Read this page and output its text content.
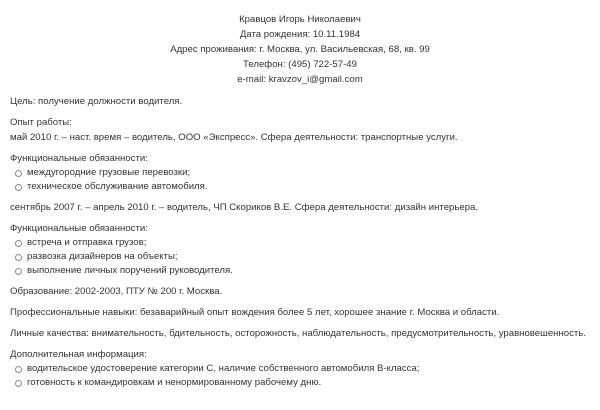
Кравцов Игорь Николаевич
Дата рождения: 10.11.1984
Адрес проживания: г. Москва, ул. Васильевская, 68, кв. 99
Телефон: (495) 722-57-49
e-mail: kravzov_i@gmail.com
Цель: получение должности водителя.
Опыт работы:
май 2010 г. – наст. время – водитель, ООО «Экспресс». Сфера деятельности: транспортные услуги.
Функциональные обязанности:
междугородние грузовые перевозки;
техническое обслуживание автомобиля.
сентябрь 2007 г. – апрель 2010 г. – водитель, ЧП Скориков В.Е. Сфера деятельности: дизайн интерьера.
Функциональные обязанности:
встреча и отправка грузов;
развозка дизайнеров на объекты;
выполнение личных поручений руководителя.
Образование: 2002-2003, ПТУ № 200 г. Москва.
Профессиональные навыки: безаварийный опыт вождения более 5 лет, хорошее знание г. Москва и области.
Личные качества: внимательность, бдительность, осторожность, наблюдательность, предусмотрительность, уравновешенность.
Дополнительная информация:
водительское удостоверение категории С, наличие собственного автомобиля В-класса;
готовность к командировкам и ненормированному рабочему дню.
